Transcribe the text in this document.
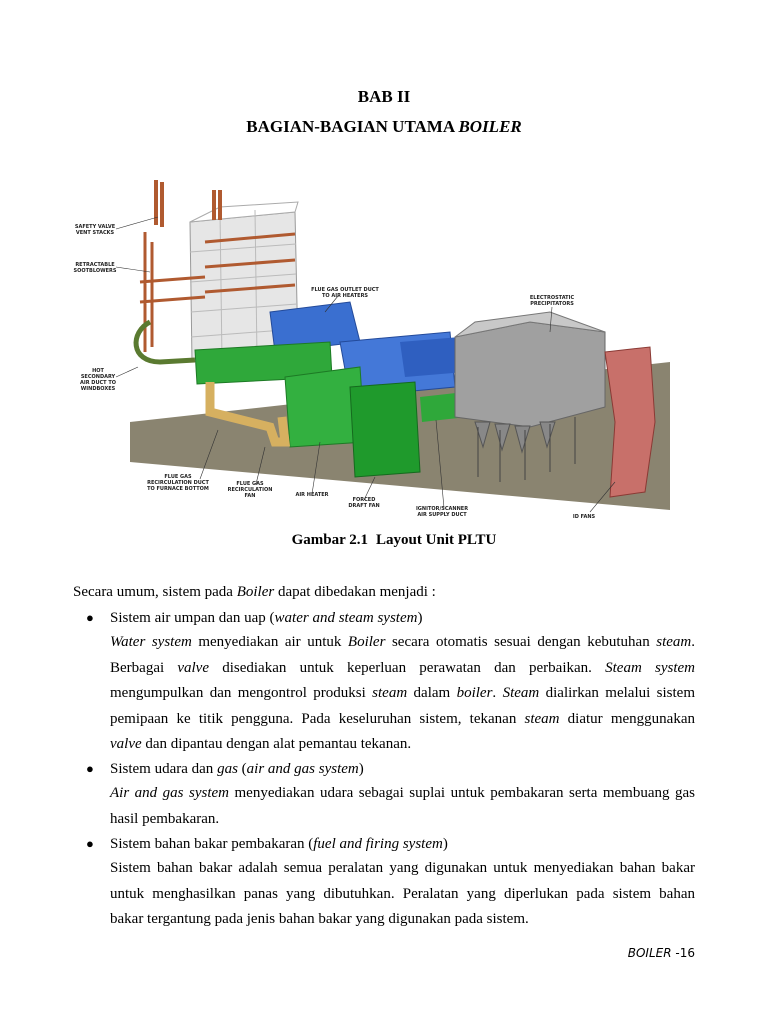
BAB II
BAGIAN-BAGIAN UTAMA BOILER
SAFETY VALVE VENT STACKS
RETRACTABLE SOOTBLOWERS
FLUE GAS OUTLET DUCT TO AIR HEATERS	ELECTROSTATIC PRECIPITATORS
HOT SECONDARY AIR DUCT TO WINDBOXES
FLUE GAS RECIRCULATION DUCT TO FURNACE BOTTOM
FLUE GAS RECIRCULATION FAN	AIR HEATER
FORCED DRAFT FAN	IGNITOR/SCANNER AIR SUPPLY DUCT	ID FANS
Gambar 2.1 Layout Unit PLTU
Secara umum, sistem pada Boiler dapat dibedakan menjadi :
● Sistem air umpan dan uap (water and steam system)
Water system menyediakan air untuk Boiler secara otomatis sesuai dengan kebutuhan steam.
Berbagai valve disediakan untuk keperluan perawatan dan perbaikan. Steam system
mengumpulkan dan mengontrol produksi steam dalam boiler. Steam dialirkan melalui sistem
pemipaan ke titik pengguna. Pada keseluruhan sistem, tekanan steam diatur menggunakan
valve dan dipantau dengan alat pemantau tekanan.
● Sistem udara dan gas (air and gas system)
Air and gas system menyediakan udara sebagai suplai untuk pembakaran serta membuang gas
hasil pembakaran.
● Sistem bahan bakar pembakaran (fuel and firing system)
Sistem bahan bakar adalah semua peralatan yang digunakan untuk menyediakan bahan bakar
untuk menghasilkan panas yang dibutuhkan. Peralatan yang diperlukan pada sistem bahan
bakar tergantung pada jenis bahan bakar yang digunakan pada sistem.
BOILER -16
